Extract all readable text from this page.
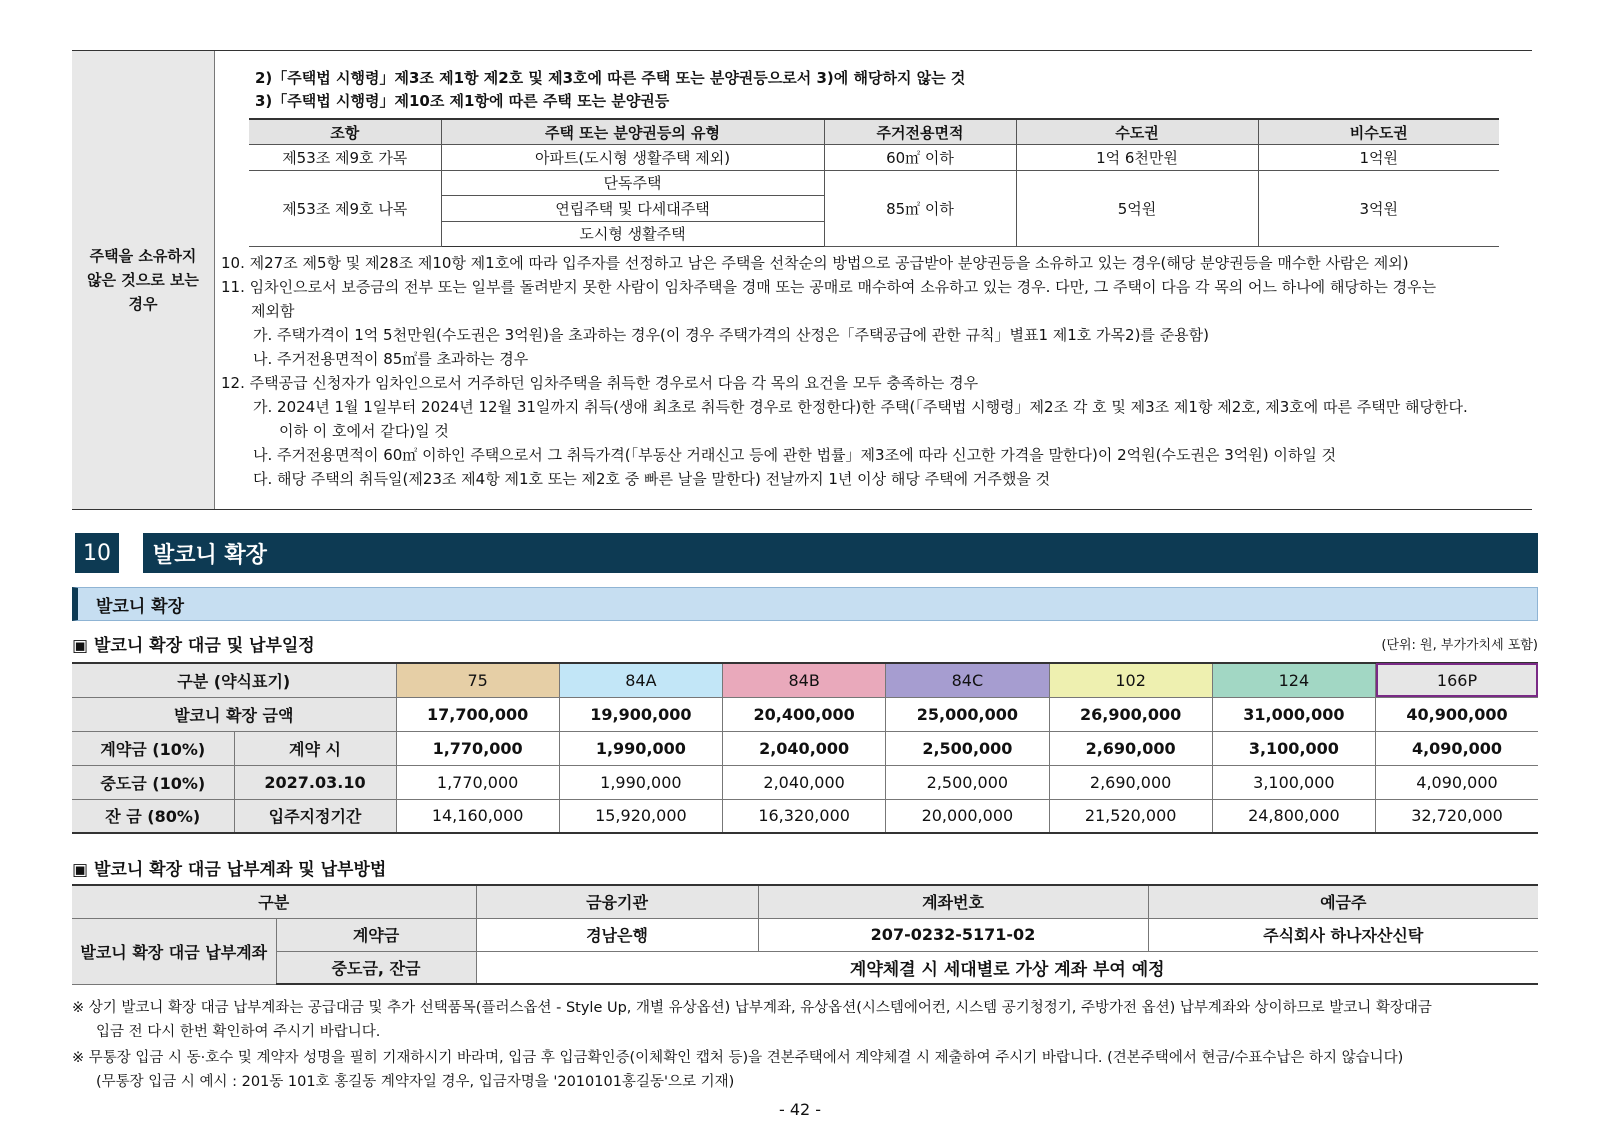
주택을 소유하지
않은 것으로 보는
경우
2)「주택법 시행령」제3조 제1항 제2호 및 제3호에 따른 주택 또는 분양권등으로서 3)에 해당하지 않는 것
3)「주택법 시행령」제10조 제1항에 따른 주택 또는 분양권등
조항	주택 또는 분양권등의 유형	주거전용면적	수도권	비수도권
제53조 제9호 가목	아파트(도시형 생활주택 제외)	60㎡ 이하	1억 6천만원	1억원
제53조 제9호 나목	단독주택	85㎡ 이하	5억원	3억원
	연립주택 및 다세대주택			
	도시형 생활주택			
10. 제27조 제5항 및 제28조 제10항 제1호에 따라 입주자를 선정하고 남은 주택을 선착순의 방법으로 공급받아 분양권등을 소유하고 있는 경우(해당 분양권등을 매수한 사람은 제외)
11. 임차인으로서 보증금의 전부 또는 일부를 돌려받지 못한 사람이 임차주택을 경매 또는 공매로 매수하여 소유하고 있는 경우. 다만, 그 주택이 다음 각 목의 어느 하나에 해당하는 경우는
제외함
가. 주택가격이 1억 5천만원(수도권은 3억원)을 초과하는 경우(이 경우 주택가격의 산정은「주택공급에 관한 규칙」별표1 제1호 가목2)를 준용함)
나. 주거전용면적이 85㎡를 초과하는 경우
12. 주택공급 신청자가 임차인으로서 거주하던 임차주택을 취득한 경우로서 다음 각 목의 요건을 모두 충족하는 경우
가. 2024년 1월 1일부터 2024년 12월 31일까지 취득(생애 최초로 취득한 경우로 한정한다)한 주택(「주택법 시행령」제2조 각 호 및 제3조 제1항 제2호, 제3호에 따른 주택만 해당한다.
이하 이 호에서 같다)일 것
나. 주거전용면적이 60㎡ 이하인 주택으로서 그 취득가격(「부동산 거래신고 등에 관한 법률」제3조에 따라 신고한 가격을 말한다)이 2억원(수도권은 3억원) 이하일 것
다. 해당 주택의 취득일(제23조 제4항 제1호 또는 제2호 중 빠른 날을 말한다) 전날까지 1년 이상 해당 주택에 거주했을 것
10	발코니 확장
발코니 확장
▣ 발코니 확장 대금 및 납부일정	(단위: 원, 부가가치세 포함)
구분 (약식표기)		75	84A	84B	84C	102	124	166P
발코니 확장 금액		17,700,000	19,900,000	20,400,000	25,000,000	26,900,000	31,000,000	40,900,000
계약금 (10%)	계약 시	1,770,000	1,990,000	2,040,000	2,500,000	2,690,000	3,100,000	4,090,000
중도금 (10%)	2027.03.10	1,770,000	1,990,000	2,040,000	2,500,000	2,690,000	3,100,000	4,090,000
잔 금 (80%)	입주지정기간	14,160,000	15,920,000	16,320,000	20,000,000	21,520,000	24,800,000	32,720,000
▣ 발코니 확장 대금 납부계좌 및 납부방법
구분		금융기관	계좌번호	예금주
발코니 확장 대금 납부계좌	계약금	경남은행	207-0232-5171-02	주식회사 하나자산신탁
	중도금, 잔금	계약체결 시 세대별로 가상 계좌 부여 예정		
※ 상기 발코니 확장 대금 납부계좌는 공급대금 및 추가 선택품목(플러스옵션 - Style Up, 개별 유상옵션) 납부계좌, 유상옵션(시스템에어컨, 시스템 공기청정기, 주방가전 옵션) 납부계좌와 상이하므로 발코니 확장대금
입금 전 다시 한번 확인하여 주시기 바랍니다.
※ 무통장 입금 시 동·호수 및 계약자 성명을 필히 기재하시기 바라며, 입금 후 입금확인증(이체확인 캡처 등)을 견본주택에서 계약체결 시 제출하여 주시기 바랍니다. (견본주택에서 현금/수표수납은 하지 않습니다)
(무통장 입금 시 예시 : 201동 101호 홍길동 계약자일 경우, 입금자명을 '2010101홍길동'으로 기재)
- 42 -
